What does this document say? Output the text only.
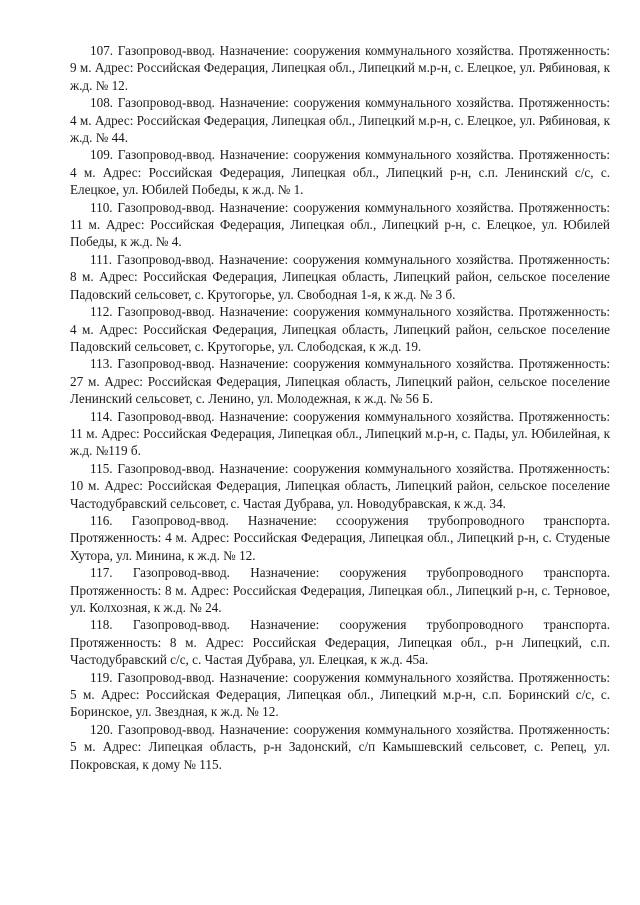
107. Газопровод-ввод. Назначение: сооружения коммунального хозяйства. Протяженность: 9 м. Адрес: Российская Федерация, Липецкая обл., Липецкий м.р-н, с. Елецкое, ул. Рябиновая, к ж.д. № 12.

108. Газопровод-ввод. Назначение: сооружения коммунального хозяйства. Протяженность: 4 м. Адрес: Российская Федерация, Липецкая обл., Липецкий м.р-н, с. Елецкое, ул. Рябиновая, к ж.д. № 44.

109. Газопровод-ввод. Назначение: сооружения коммунального хозяйства. Протяженность: 4 м. Адрес: Российская Федерация, Липецкая обл., Липецкий р-н, с.п. Ленинский с/с, с. Елецкое, ул. Юбилей Победы, к ж.д. № 1.

110. Газопровод-ввод. Назначение: сооружения коммунального хозяйства. Протяженность: 11 м. Адрес: Российская Федерация, Липецкая обл., Липецкий р-н, с. Елецкое, ул. Юбилей Победы, к ж.д. № 4.

111. Газопровод-ввод. Назначение: сооружения коммунального хозяйства. Протяженность: 8 м. Адрес: Российская Федерация, Липецкая область, Липецкий район, сельское поселение Падовский сельсовет, с. Крутогорье, ул. Свободная 1-я, к ж.д. № 3 б.

112. Газопровод-ввод. Назначение: сооружения коммунального хозяйства. Протяженность: 4 м. Адрес: Российская Федерация, Липецкая область, Липецкий район, сельское поселение Падовский сельсовет, с. Крутогорье, ул. Слободская, к ж.д. 19.

113. Газопровод-ввод. Назначение: сооружения коммунального хозяйства. Протяженность: 27 м. Адрес: Российская Федерация, Липецкая область, Липецкий район, сельское поселение Ленинский сельсовет, с. Ленино, ул. Молодежная, к ж.д. № 56 Б.

114. Газопровод-ввод. Назначение: сооружения коммунального хозяйства. Протяженность: 11 м. Адрес: Российская Федерация, Липецкая обл., Липецкий м.р-н, с. Пады, ул. Юбилейная, к ж.д. №119 б.

115. Газопровод-ввод. Назначение: сооружения коммунального хозяйства. Протяженность: 10 м. Адрес: Российская Федерация, Липецкая область, Липецкий район, сельское поселение Частодубравский сельсовет, с. Частая Дубрава, ул. Новодубравская, к ж.д. 34.

116. Газопровод-ввод. Назначение: ссооружения трубопроводного транспорта. Протяженность: 4 м. Адрес: Российская Федерация, Липецкая обл., Липецкий р-н, с. Студеные Хутора, ул. Минина, к ж.д. № 12.

117. Газопровод-ввод. Назначение: сооружения трубопроводного транспорта. Протяженность: 8 м. Адрес: Российская Федерация, Липецкая обл., Липецкий р-н, с. Терновое, ул. Колхозная, к ж.д. № 24.

118. Газопровод-ввод. Назначение: сооружения трубопроводного транспорта. Протяженность: 8 м. Адрес: Российская Федерация, Липецкая обл., р-н Липецкий, с.п. Частодубравский с/с, с. Частая Дубрава, ул. Елецкая, к ж.д. 45а.

119. Газопровод-ввод. Назначение: сооружения коммунального хозяйства. Протяженность: 5 м. Адрес: Российская Федерация, Липецкая обл., Липецкий м.р-н, с.п. Боринский с/с, с. Боринское, ул. Звездная, к ж.д. № 12.

120. Газопровод-ввод. Назначение: сооружения коммунального хозяйства. Протяженность: 5 м. Адрес: Липецкая область, р-н Задонский, с/п Камышевский сельсовет, с. Репец, ул. Покровская, к дому № 115.
